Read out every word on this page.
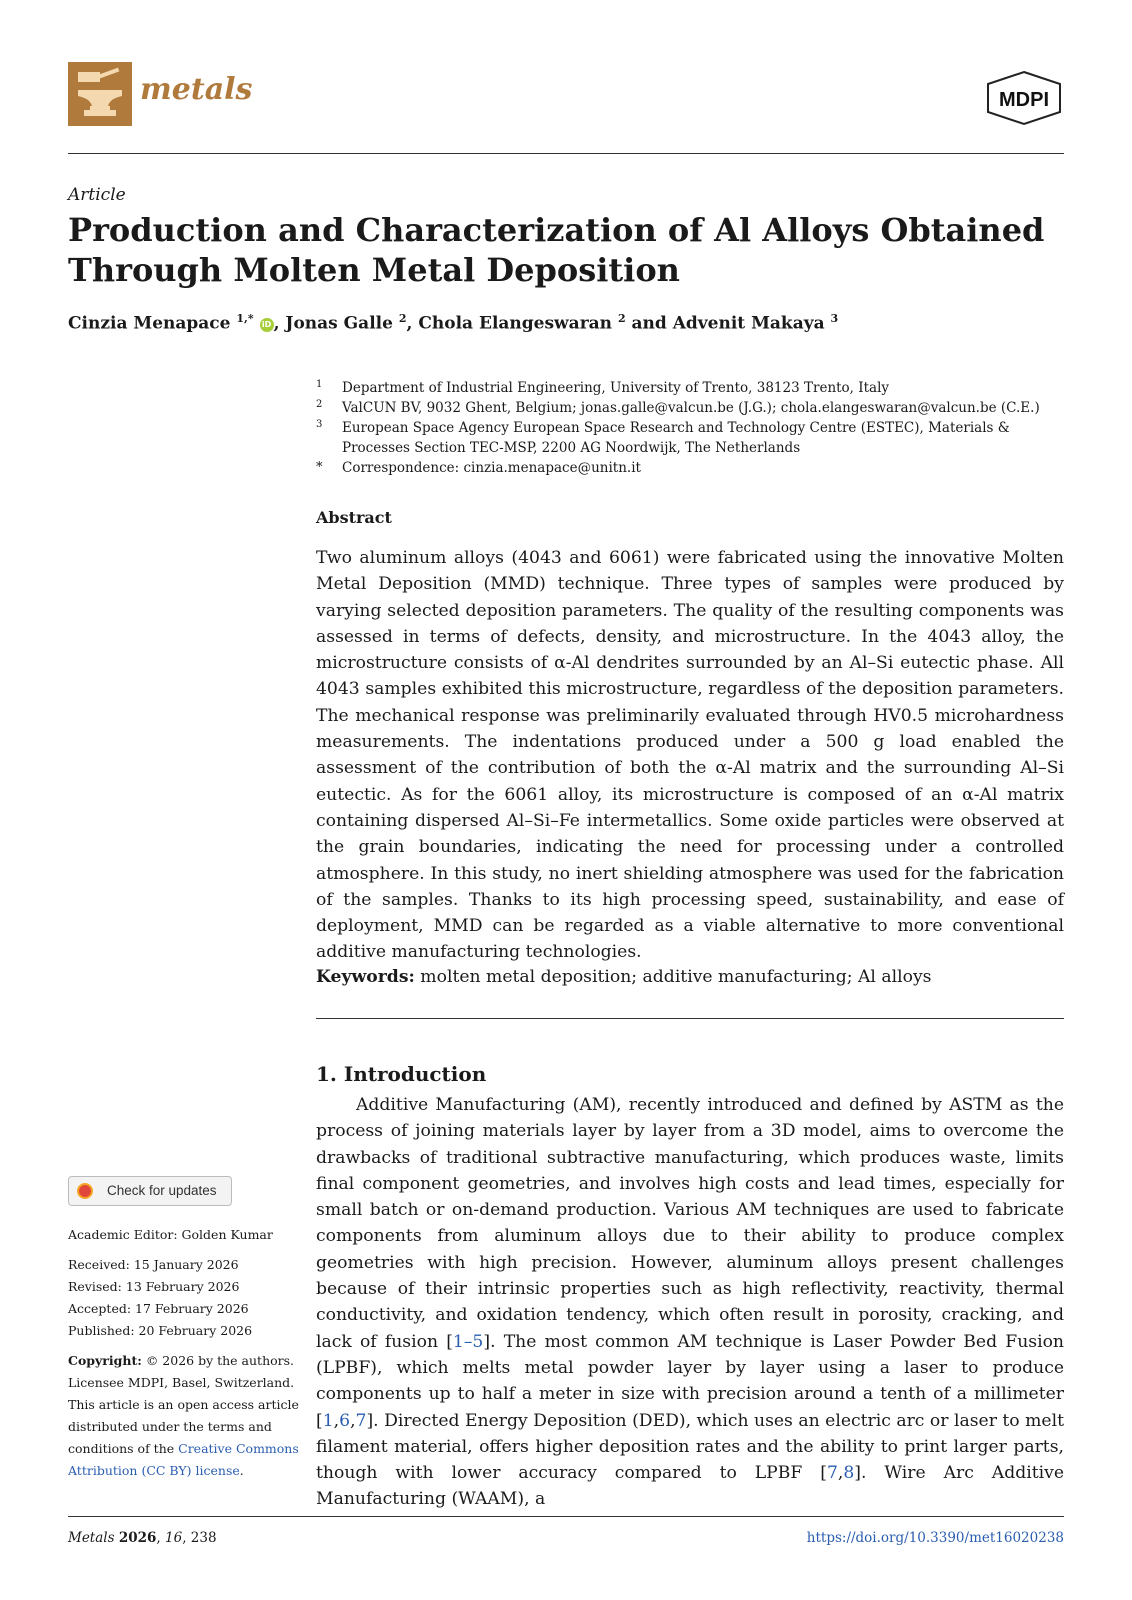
metals	MDPI
Article
Production and Characterization of Al Alloys Obtained Through Molten Metal Deposition
Cinzia Menapace $^{1,*}$ iD , Jonas Galle $^2$, Chola Elangeswaran $^2$ and Advenit Makaya $^3$
1 Department of Industrial Engineering, University of Trento, 38123 Trento, Italy
2 ValCUN BV, 9032 Ghent, Belgium; jonas.galle@valcun.be (J.G.); chola.elangeswaran@valcun.be (C.E.)
3 European Space Agency European Space Research and Technology Centre (ESTEC), Materials & Processes Section TEC-MSP, 2200 AG Noordwijk, The Netherlands
* Correspondence: cinzia.menapace@unitn.it
Abstract

Two aluminum alloys (4043 and 6061) were fabricated using the innovative Molten Metal Deposition (MMD) technique. Three types of samples were produced by varying selected deposition parameters. The quality of the resulting components was assessed in terms of defects, density, and microstructure. In the 4043 alloy, the microstructure consists of α-Al dendrites surrounded by an Al–Si eutectic phase. All 4043 samples exhibited this microstructure, regardless of the deposition parameters. The mechanical response was preliminarily evaluated through HV0.5 microhardness measurements. The indentations produced under a 500 g load enabled the assessment of the contribution of both the α-Al matrix and the surrounding Al–Si eutectic. As for the 6061 alloy, its microstructure is composed of an α-Al matrix containing dispersed Al–Si–Fe intermetallics. Some oxide particles were observed at the grain boundaries, indicating the need for processing under a controlled atmosphere. In this study, no inert shielding atmosphere was used for the fabrication of the samples. Thanks to its high processing speed, sustainability, and ease of deployment, MMD can be regarded as a viable alternative to more conventional additive manufacturing technologies.

Keywords: molten metal deposition; additive manufacturing; Al alloys
1. Introduction

Additive Manufacturing (AM), recently introduced and defined by ASTM as the process of joining materials layer by layer from a 3D model, aims to overcome the drawbacks of traditional subtractive manufacturing, which produces waste, limits final component geometries, and involves high costs and lead times, especially for small batch or on-demand production. Various AM techniques are used to fabricate components from aluminum alloys due to their ability to produce complex geometries with high precision. However, aluminum alloys present challenges because of their intrinsic properties such as high reflectivity, reactivity, thermal conductivity, and oxidation tendency, which often result in porosity, cracking, and lack of fusion [1–5]. The most common AM technique is Laser Powder Bed Fusion (LPBF), which melts metal powder layer by layer using a laser to produce components up to half a meter in size with precision around a tenth of a millimeter [1,6,7]. Directed Energy Deposition (DED), which uses an electric arc or laser to melt filament material, offers higher deposition rates and the ability to print larger parts, though with lower accuracy compared to LPBF [7,8]. Wire Arc Additive Manufacturing (WAAM), a

Check for updates
Academic Editor: Golden Kumar
Received: 15 January 2026
Revised: 13 February 2026
Accepted: 17 February 2026
Published: 20 February 2026
Copyright: © 2026 by the authors. Licensee MDPI, Basel, Switzerland. This article is an open access article distributed under the terms and conditions of the Creative Commons Attribution (CC BY) license.
Metals 2026, 16, 238	https://doi.org/10.3390/met16020238
